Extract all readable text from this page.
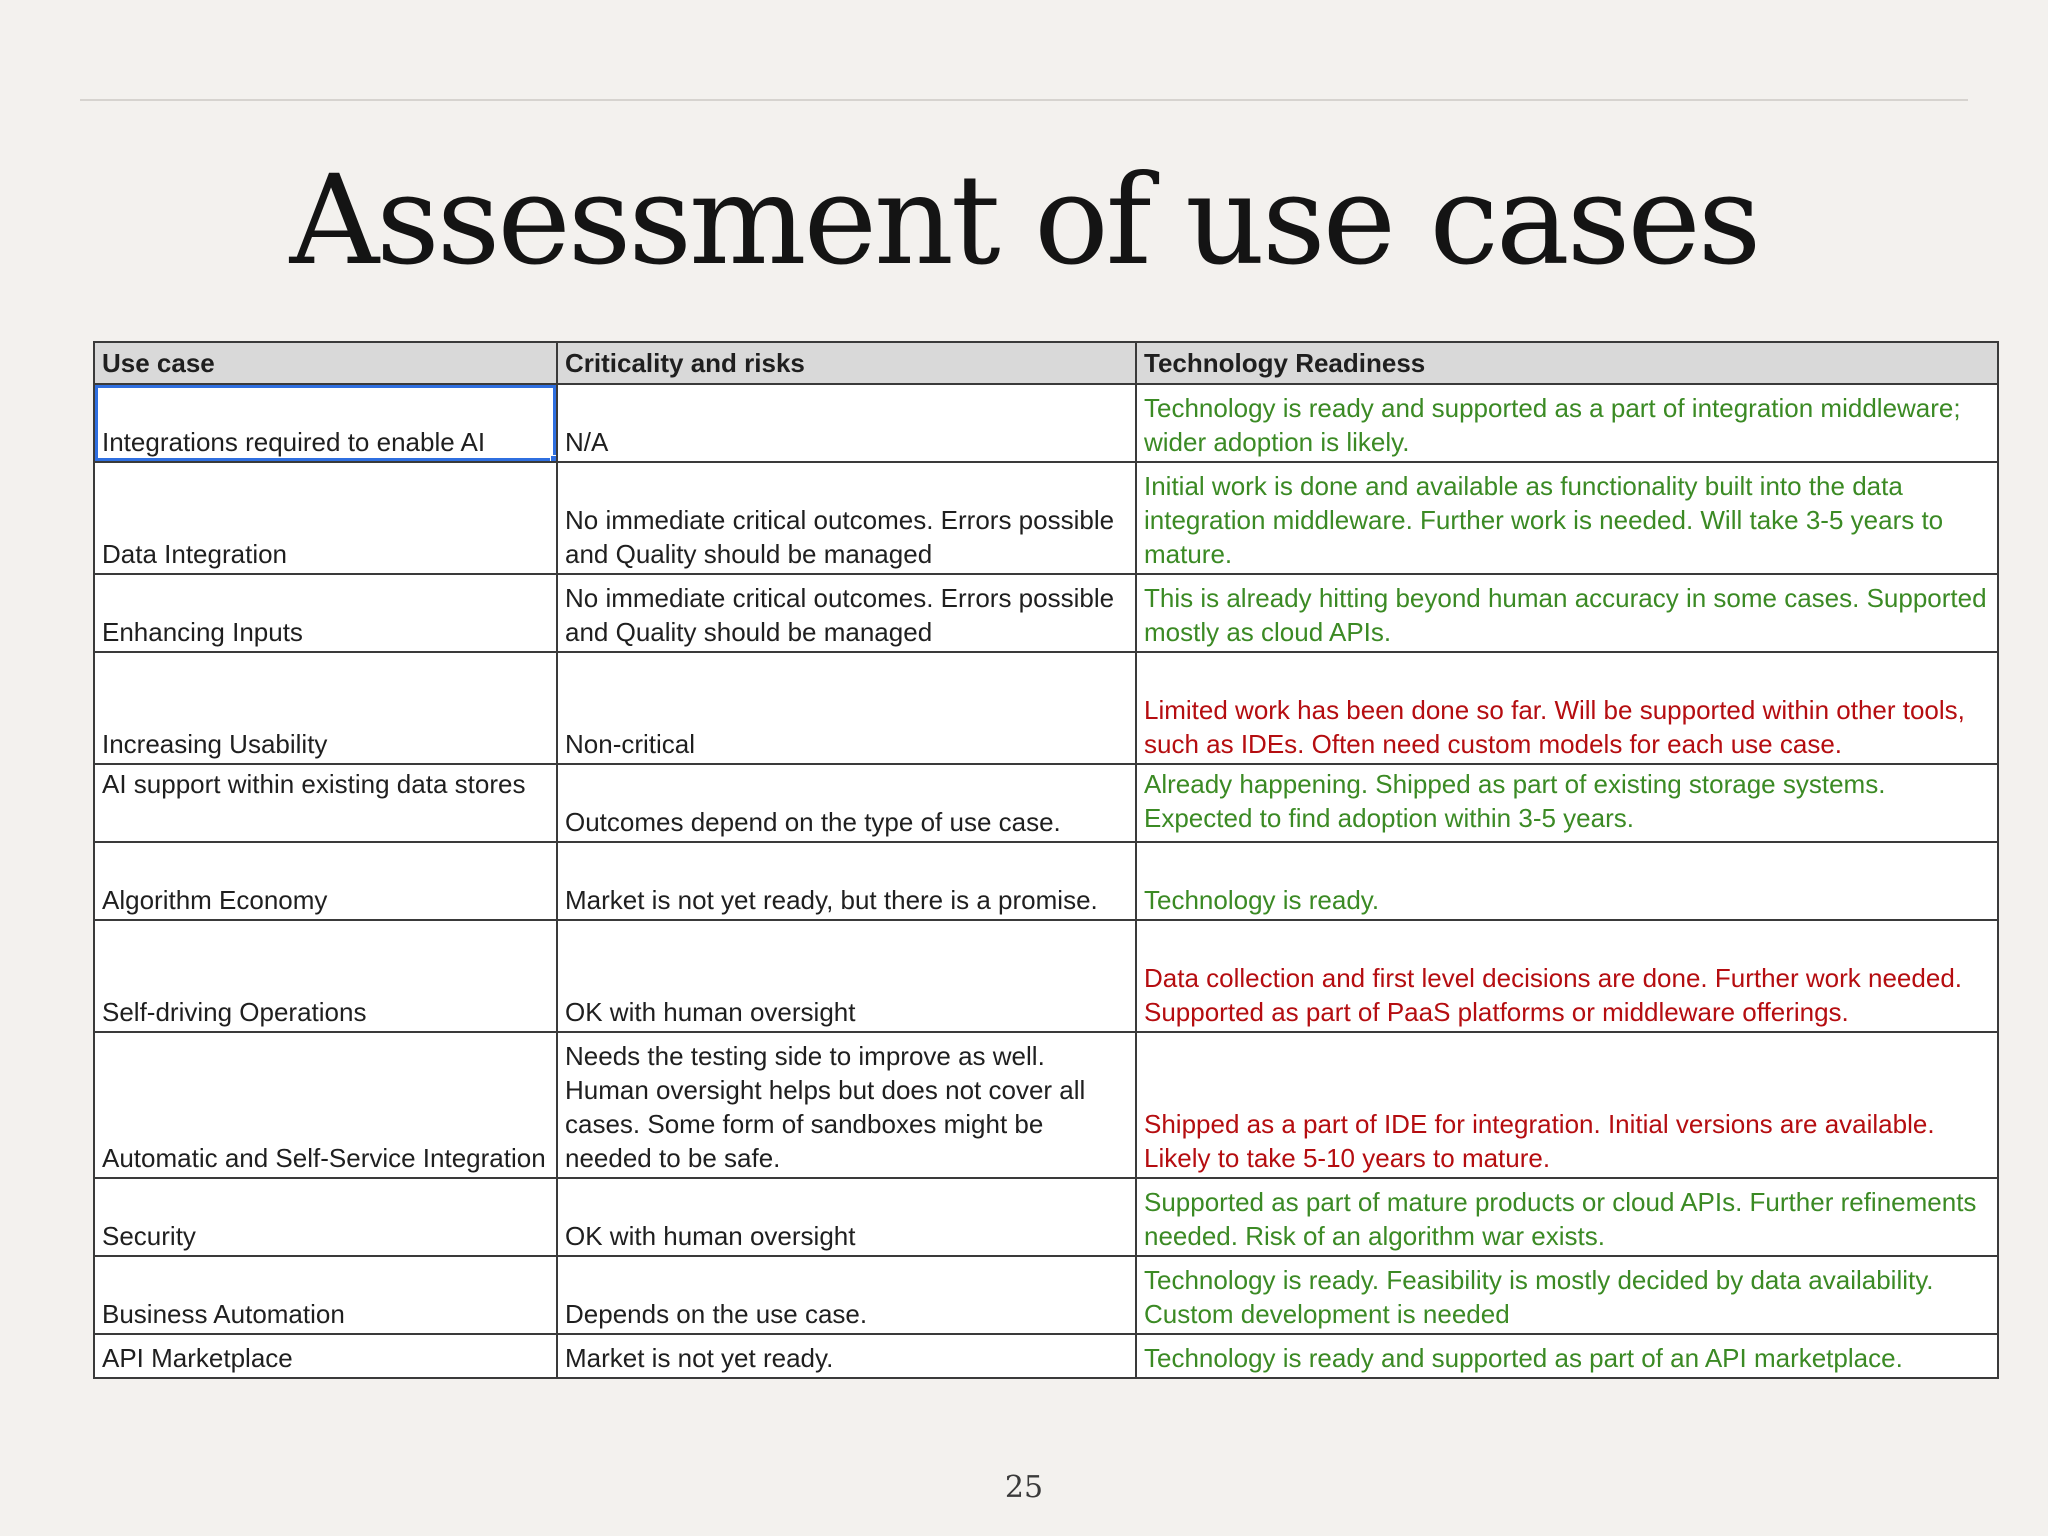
Assessment of use cases
Use case	Criticality and risks	Technology Readiness
Integrations required to enable AI	N/A	Technology is ready and supported as a part of integration middleware; wider adoption is likely.
Data Integration	No immediate critical outcomes. Errors possible and Quality should be managed	Initial work is done and available as functionality built into the data integration middleware. Further work is needed. Will take 3-5 years to mature.
Enhancing Inputs	No immediate critical outcomes. Errors possible and Quality should be managed	This is already hitting beyond human accuracy in some cases. Supported mostly as cloud APIs.
Increasing Usability	Non-critical	Limited work has been done so far. Will be supported within other tools, such as IDEs. Often need custom models for each use case.
AI support within existing data stores	Outcomes depend on the type of use case.	Already happening. Shipped as part of existing storage systems. Expected to find adoption within 3-5 years.
Algorithm Economy	Market is not yet ready, but there is a promise.	Technology is ready.
Self-driving Operations	OK with human oversight	Data collection and first level decisions are done. Further work needed. Supported as part of PaaS platforms or middleware offerings.
Automatic and Self-Service Integration	Needs the testing side to improve as well. Human oversight helps but does not cover all cases. Some form of sandboxes might be needed to be safe.	Shipped as a part of IDE for integration. Initial versions are available. Likely to take 5-10 years to mature.
Security	OK with human oversight	Supported as part of mature products or cloud APIs. Further refinements needed. Risk of an algorithm war exists.
Business Automation	Depends on the use case.	Technology is ready. Feasibility is mostly decided by data availability. Custom development is needed
API Marketplace	Market is not yet ready.	Technology is ready and supported as part of an API marketplace.
25
